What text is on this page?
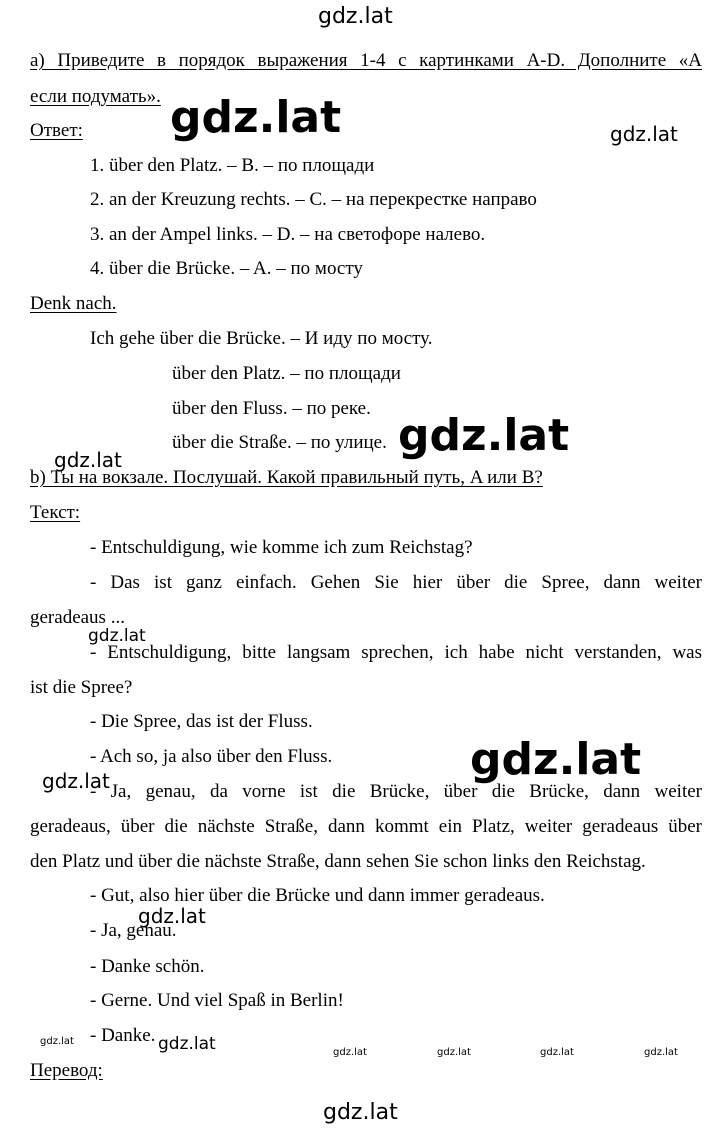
gdz.lat
a) Приведите в порядок выражения 1-4 с картинками A-D. Дополните «A
если подумать».
Ответ: gdz.lat	gdz.lat
1. über den Platz. – B. – по площади
2. an der Kreuzung rechts. – C. – на перекрестке направо
3. an der Ampel links. – D. – на светофоре налево.
4. über die Brücke. – A. – по мосту
Denk nach.
Ich gehe über die Brücke. – И иду по мосту.
über den Platz. – по площади
über den Fluss. – по реке.
über die Straße. – по улице. gdz.lat
gdz.lat
b) Ты на вокзале. Послушай. Какой правильный путь, A или B?
Текст:
- Entschuldigung, wie komme ich zum Reichstag?
- Das ist ganz einfach. Gehen Sie hier über die Spree, dann weiter
geradeaus ...
gdz.lat
- Entschuldigung, bitte langsam sprechen, ich habe nicht verstanden, was
ist die Spree?
- Die Spree, das ist der Fluss.
- Ach so, ja also über den Fluss.	gdz.lat
gdz.lat
- Ja, genau, da vorne ist die Brücke, über die Brücke, dann weiter
geradeaus, über die nächste Straße, dann kommt ein Platz, weiter geradeaus über
den Platz und über die nächste Straße, dann sehen Sie schon links den Reichstag.
- Gut, also hier über die Brücke und dann immer geradeaus.
gdz.lat
- Ja, genau.
- Danke schön.
- Gerne. Und viel Spaß in Berlin!
- Danke.
gdz.lat	gdz.lat	gdz.lat	gdz.lat	gdz.lat	gdz.lat
Перевод:
gdz.lat
